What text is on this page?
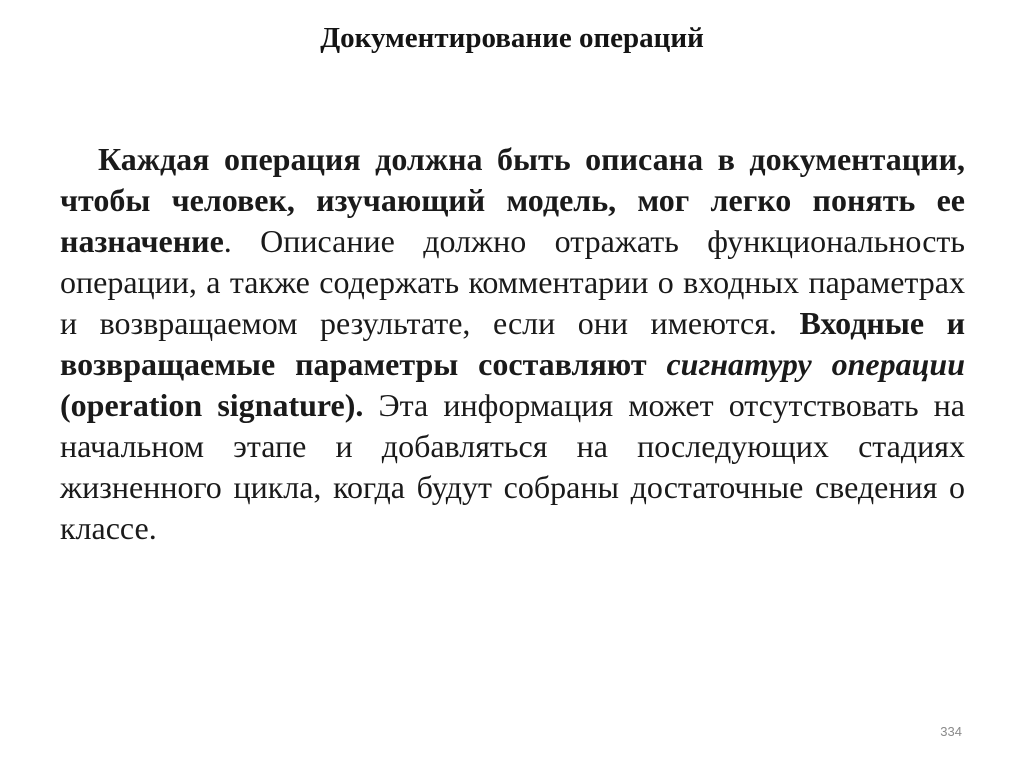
Документирование операций

Каждая операция должна быть описана в документации, чтобы человек, изучающий модель, мог легко понять ее назначение. Описание должно отражать функциональность операции, а также содержать комментарии о входных параметрах и возвращаемом результате, если они имеются. Входные и возвращаемые параметры составляют сигнатуру операции (operation signature). Эта информация может отсутствовать на начальном этапе и добавляться на последующих стадиях жизненного цикла, когда будут собраны достаточные сведения о классе.

334
